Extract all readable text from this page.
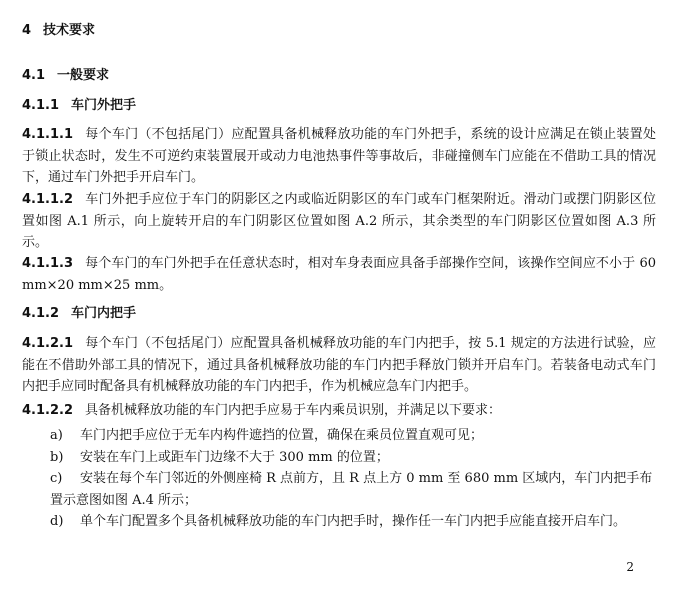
4 技术要求
4.1 一般要求
4.1.1 车门外把手
4.1.1.1 每个车门（不包括尾门）应配置具备机械释放功能的车门外把手，系统的设计应满足在锁止装置处于锁止状态时，发生不可逆约束装置展开或动力电池热事件等事故后，非碰撞侧车门应能在不借助工具的情况下，通过车门外把手开启车门。
4.1.1.2 车门外把手应位于车门的阴影区之内或临近阴影区的车门或车门框架附近。滑动门或摆门阴影区位置如图 A.1 所示，向上旋转开启的车门阴影区位置如图 A.2 所示，其余类型的车门阴影区位置如图 A.3 所示。
4.1.1.3 每个车门的车门外把手在任意状态时，相对车身表面应具备手部操作空间，该操作空间应不小于 60 mm×20 mm×25 mm。
4.1.2 车门内把手
4.1.2.1 每个车门（不包括尾门）应配置具备机械释放功能的车门内把手，按 5.1 规定的方法进行试验，应能在不借助外部工具的情况下，通过具备机械释放功能的车门内把手释放门锁并开启车门。若装备电动式车门内把手应同时配备具有机械释放功能的车门内把手，作为机械应急车门内把手。
4.1.2.2 具备机械释放功能的车门内把手应易于车内乘员识别，并满足以下要求：
a) 车门内把手应位于无车内构件遮挡的位置，确保在乘员位置直观可见；
b) 安装在车门上或距车门边缘不大于 300 mm 的位置；
c) 安装在每个车门邻近的外侧座椅 R 点前方，且 R 点上方 0 mm 至 680 mm 区域内，车门内把手布置示意图如图 A.4 所示；
d) 单个车门配置多个具备机械释放功能的车门内把手时，操作任一车门内把手应能直接开启车门。
2
